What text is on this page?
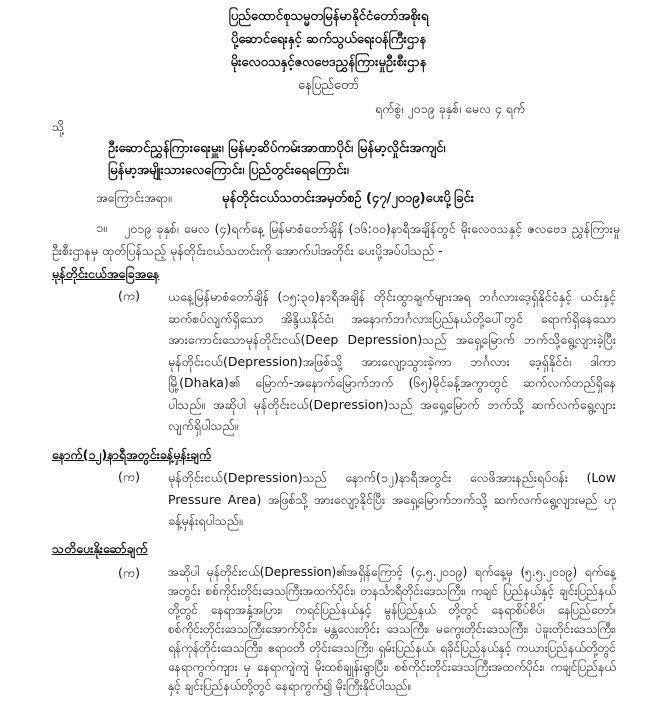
ပြည်ထောင်စုသမ္မတမြန်မာနိုင်ငံတော်အစိုးရ
ပို့ဆောင်ရေးနှင့် ဆက်သွယ်ရေးဝန်ကြီးဌာန
မိုးလေဝသနှင့်ဇလဗေဒညွှန်ကြားမှုဦးစီးဌာန
နေပြည်တော်
ရက်စွဲ၊ ၂၀၁၉ ခုနှစ်၊ မေလ ၄ ရက်
သို့
ဦးဆောင်ညွှန်ကြားရေးမှူး၊ မြန်မာ့ဆိပ်ကမ်းအာဏာပိုင်၊ မြန်မာ့လှိုင်းအကျင်၊
မြန်မာ့အမျိုးသားလေကြောင်း၊ ပြည်တွင်းရေကြောင်း၊
အကြောင်းအရာ။	မုန်တိုင်းငယ်သတင်းအမှတ်စဉ် (၄၇/၂၀၁၉)ပေးပို့ခြင်း
၁။	၂၀၁၉ ခုနှစ်၊ မေလ (၄)ရက်နေ့ မြန်မာစံတော်ချိန် (၁၆:၀၀)နာရီအချိန်တွင် မိုးလေဝသနှင့် ဇလဗေဒ ညွှန်ကြားမှုဦးစီးဌာနမှ ထုတ်ပြန်သည့် မုန်တိုင်းငယ်သတင်းကို အောက်ပါအတိုင်း ပေးပို့အပ်ပါသည် -
မုန်တိုင်းငယ်အခြေအနေ
(က) ယနေ့မြန်မာစံတော်ချိန် (၁၅:၃၀)နာရီအချိန် တိုင်းထွာချက်များအရ ဘင်္ဂလားဒေ့ရှ်နိုင်ငံနှင့် ယင်းနှင့် ဆက်စပ်လျက်ရှိသော အိန္ဒိယနိုင်ငံ၊ အနောက်ဘင်္ဂလားပြည်နယ်တို့ပေါ်တွင် ရောက်ရှိနေသော အားကောင်းသောမုန်တိုင်းငယ်(Deep Depression)သည် အရှေ့မြောက် ဘက်သို့ရွေ့လျားခဲ့ပြီး မုန်တိုင်းငယ်(Depression)အဖြစ်သို့ အားလျော့သွားခဲ့ကာ ဘင်္ဂလား ဒေ့ရှ်နိုင်ငံ၊ ဒါကာမြို့(Dhaka)၏ မြောက်-အနောက်မြောက်ဘက် (၆၅)မိုင်ခန့်အကွာတွင် ဆက်လက်တည်ရှိနေပါသည်။ အဆိုပါ မုန်တိုင်းငယ်(Depression)သည် အရှေ့မြောက် ဘက်သို့ ဆက်လက်ရွေ့လျားလျက်ရှိပါသည်။
နောက်(၁၂)နာရီအတွင်းခန့်မှန်းချက်
(က) မုန်တိုင်းငယ်(Depression)သည် နောက်(၁၂)နာရီအတွင်း လေဖိအားနည်းရပ်ဝန်း (Low Pressure Area) အဖြစ်သို့ အားလျော့နိုင်ပြီး အရှေ့မြောက်ဘက်သို့ ဆက်လက်ရွေ့လျားမည် ဟု ခန့်မှန်းရပါသည်။
သတိပေးနိုးဆော်ချက်
(က) အဆိုပါ မုန်တိုင်းငယ်(Depression)၏အရှိန်ကြောင့် (၄.၅.၂၀၁၉) ရက်နေ့မှ (၅.၅.၂၀၁၉) ရက်နေ့အတွင်း စစ်ကိုင်းတိုင်းဒေသကြီးအထက်ပိုင်း၊ တနင်္သာရီတိုင်းဒေသကြီး၊ ကချင် ပြည်နယ်နှင့် ချင်းပြည်နယ်တို့တွင် နေရာအနှံ့အပြား၊ ကရင်ပြည်နယ်နှင့် မွန်ပြည်နယ် တို့တွင် နေရာစိပ်စိပ်၊ နေပြည်တော်၊ စစ်ကိုင်းတိုင်းဒေသကြီးအောက်ပိုင်း၊ မန္တလေးတိုင်း ဒေသကြီး၊ မကွေးတိုင်းဒေသကြီး၊ ပဲခူးတိုင်းဒေသကြီး၊ ရန်ကုန်တိုင်းဒေသကြီး၊ ဧရာဝတီ တိုင်းဒေသကြီး၊ ရှမ်းပြည်နယ်၊ ရခိုင်ပြည်နယ်နှင့် ကယားပြည်နယ်တို့တွင် နေရာကွက်ကျား မှ နေရာကျဲကျဲ မိုးထစ်ချုန်းရွာပြီး၊ စစ်ကိုင်းတိုင်းဒေသကြီးအထက်ပိုင်း၊ ကချင်ပြည်နယ်နှင့် ချင်းပြည်နယ်တို့တွင် နေရာကွက်၍ မိုးကြီးနိုင်ပါသည်။
